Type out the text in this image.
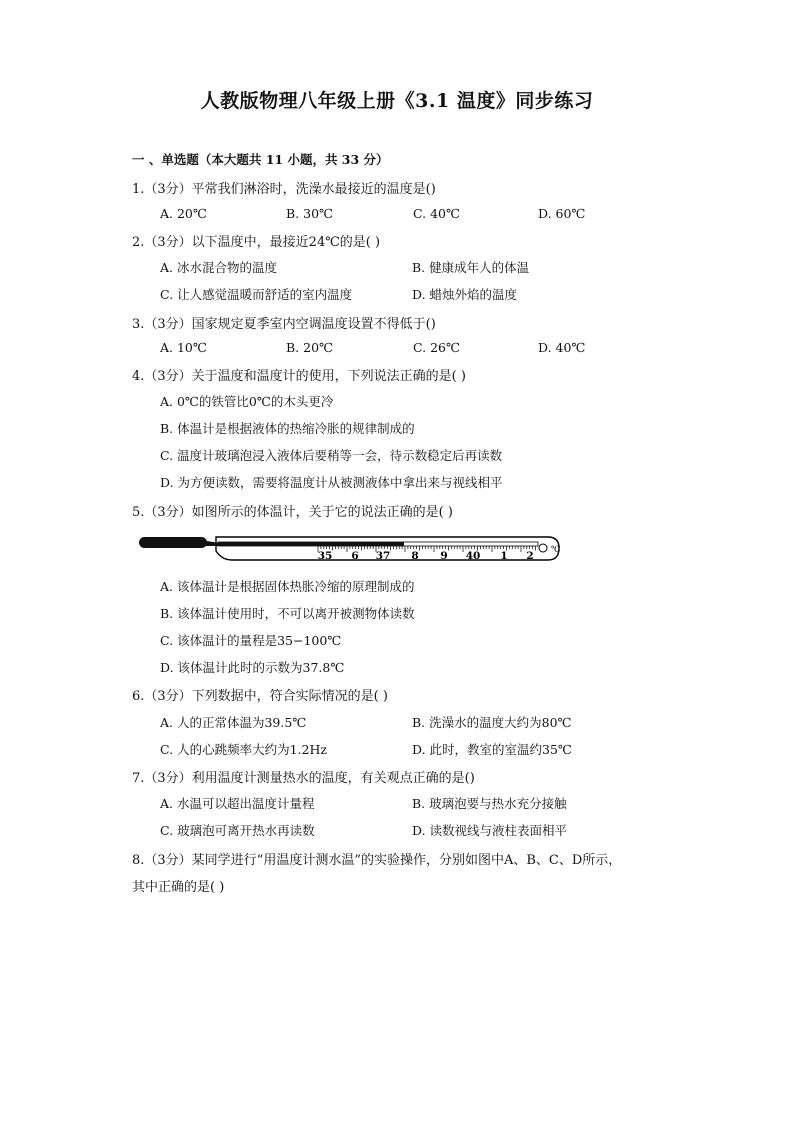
人教版物理八年级上册《3.1 温度》同步练习
一 、单选题（本大题共 11 小题，共 33 分）
1.（3分）平常我们淋浴时，洗澡水最接近的温度是()
A. 20℃	B. 30℃	C. 40℃	D. 60℃
2.（3分）以下温度中，最接近24℃的是( )
A. 冰水混合物的温度	B. 健康成年人的体温
C. 让人感觉温暖而舒适的室内温度	D. 蜡烛外焰的温度
3.（3分）国家规定夏季室内空调温度设置不得低于()
A. 10℃	B. 20℃	C. 26℃	D. 40℃
4.（3分）关于温度和温度计的使用，下列说法正确的是( )
A. 0℃的铁管比0℃的木头更冷
B. 体温计是根据液体的热缩冷胀的规律制成的
C. 温度计玻璃泡浸入液体后要稍等一会，待示数稳定后再读数
D. 为方便读数，需要将温度计从被测液体中拿出来与视线相平
5.（3分）如图所示的体温计，关于它的说法正确的是( )
35 6 37 8 9 40 1 2 ℃
A. 该体温计是根据固体热胀冷缩的原理制成的
B. 该体温计使用时，不可以离开被测物体读数
C. 该体温计的量程是35−100℃
D. 该体温计此时的示数为37.8℃
6.（3分）下列数据中，符合实际情况的是( )
A. 人的正常体温为39.5℃	B. 洗澡水的温度大约为80℃
C. 人的心跳频率大约为1.2Hz	D. 此时，教室的室温约35℃
7.（3分）利用温度计测量热水的温度，有关观点正确的是()
A. 水温可以超出温度计量程	B. 玻璃泡要与热水充分接触
C. 玻璃泡可离开热水再读数	D. 读数视线与液柱表面相平
8.（3分）某同学进行“用温度计测水温”的实验操作，分别如图中A、B、C、D所示，
其中正确的是( )
